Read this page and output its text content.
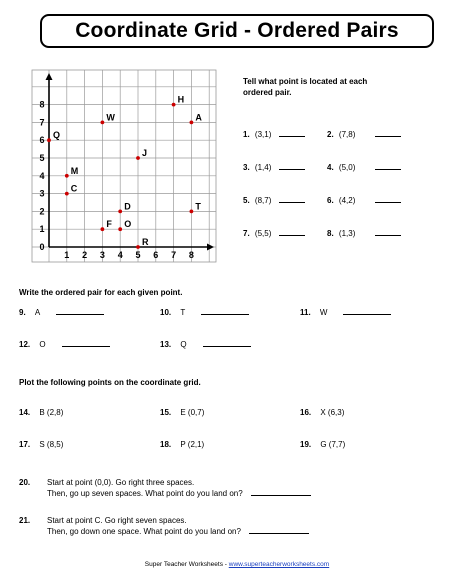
Coordinate Grid - Ordered Pairs
1 2 3 4 5 6 7 8
1
2
3
4
5
6
7
8
0
H
A
W
Q
J
M
C
D	T
F O
R
Tell what point is located at each
ordered pair.
1. (3,1)	2. (7,8)
3. (1,4)	4. (5,0)
5. (8,7)	6. (4,2)
7. (5,5)	8. (1,3)
Write the ordered pair for each given point.
9. A	10. T	11. W
12. O	13. Q
Plot the following points on the coordinate grid.
14. B (2,8)	15. E (0,7)	16. X (6,3)
17. S (8,5)	18. P (2,1)	19. G (7,7)
20. Start at point (0,0). Go right three spaces.
Then, go up seven spaces. What point do you land on?
21. Start at point C. Go right seven spaces.
Then, go down one space. What point do you land on?
Super Teacher Worksheets - www.superteacherworksheets.com
